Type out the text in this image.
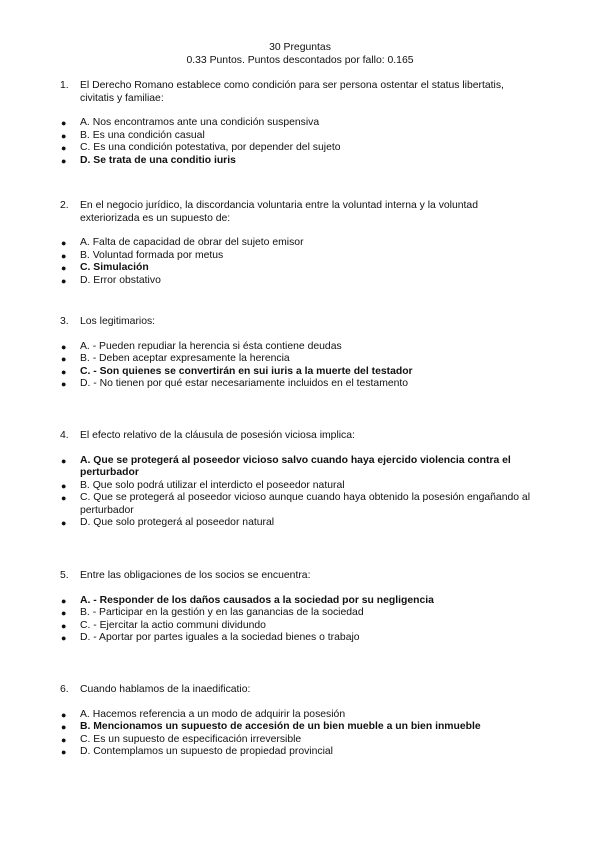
30 Preguntas
0.33 Puntos. Puntos descontados por fallo: 0.165
1. El Derecho Romano establece como condición para ser persona ostentar el status libertatis, civitatis y familiae:
● A. Nos encontramos ante una condición suspensiva
● B. Es una condición casual
● C. Es una condición potestativa, por depender del sujeto
● D. Se trata de una conditio iuris
2. En el negocio jurídico, la discordancia voluntaria entre la voluntad interna y la voluntad exteriorizada es un supuesto de:
● A. Falta de capacidad de obrar del sujeto emisor
● B. Voluntad formada por metus
● C. Simulación
● D. Error obstativo
3. Los legitimarios:
● A. - Pueden repudiar la herencia si ésta contiene deudas
● B. - Deben aceptar expresamente la herencia
● C. - Son quienes se convertirán en sui iuris a la muerte del testador
● D. - No tienen por qué estar necesariamente incluidos en el testamento
4. El efecto relativo de la cláusula de posesión viciosa implica:
● A. Que se protegerá al poseedor vicioso salvo cuando haya ejercido violencia contra el perturbador
● B. Que solo podrá utilizar el interdicto el poseedor natural
● C. Que se protegerá al poseedor vicioso aunque cuando haya obtenido la posesión engañando al perturbador
● D. Que solo protegerá al poseedor natural
5. Entre las obligaciones de los socios se encuentra:
● A. - Responder de los daños causados a la sociedad por su negligencia
● B. - Participar en la gestión y en las ganancias de la sociedad
● C. - Ejercitar la actio communi dividundo
● D. - Aportar por partes iguales a la sociedad bienes o trabajo
6. Cuando hablamos de la inaedificatio:
● A. Hacemos referencia a un modo de adquirir la posesión
● B. Mencionamos un supuesto de accesión de un bien mueble a un bien inmueble
● C. Es un supuesto de especificación irreversible
● D. Contemplamos un supuesto de propiedad provincial
